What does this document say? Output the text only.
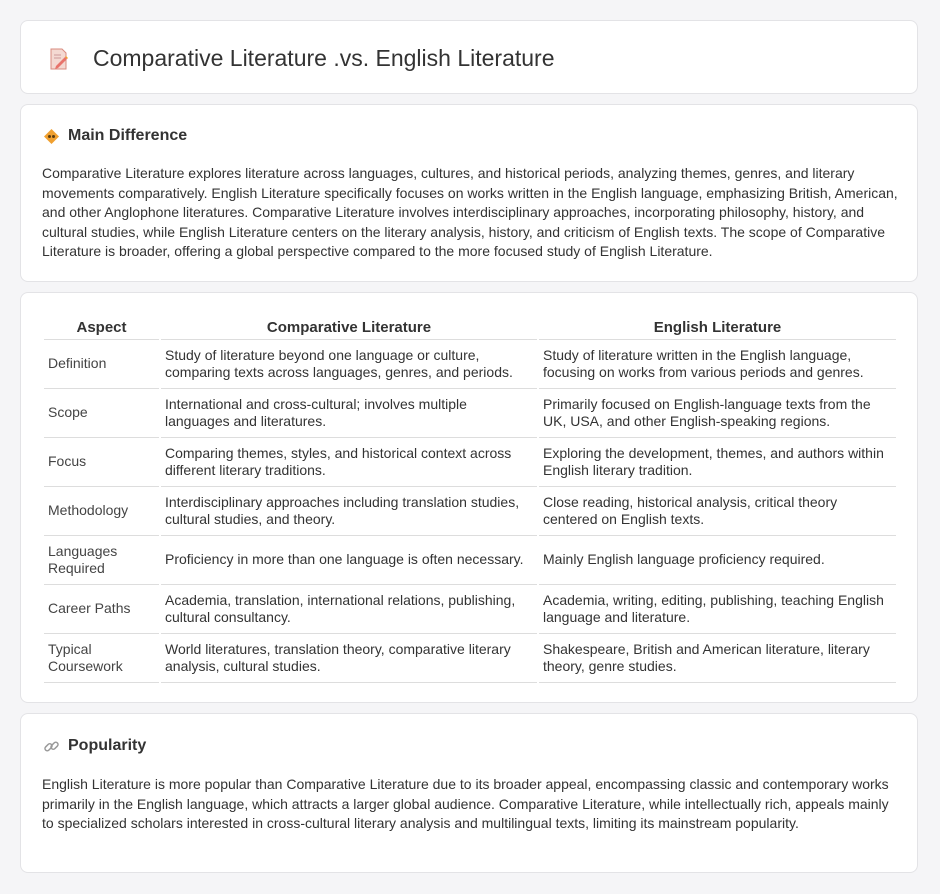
Comparative Literature .vs. English Literature
Main Difference

Comparative Literature explores literature across languages, cultures, and historical periods, analyzing themes, genres, and literary movements comparatively. English Literature specifically focuses on works written in the English language, emphasizing British, American, and other Anglophone literatures. Comparative Literature involves interdisciplinary approaches, incorporating philosophy, history, and cultural studies, while English Literature centers on the literary analysis, history, and criticism of English texts. The scope of Comparative Literature is broader, offering a global perspective compared to the more focused study of English Literature.

Aspect	Comparative Literature	English Literature
Definition	Study of literature beyond one language or culture, comparing texts across languages, genres, and periods.	Study of literature written in the English language, focusing on works from various periods and genres.
Scope	International and cross-cultural; involves multiple languages and literatures.	Primarily focused on English-language texts from the UK, USA, and other English-speaking regions.
Focus	Comparing themes, styles, and historical context across different literary traditions.	Exploring the development, themes, and authors within English literary tradition.
Methodology	Interdisciplinary approaches including translation studies, cultural studies, and theory.	Close reading, historical analysis, critical theory centered on English texts.
Languages Required	Proficiency in more than one language is often necessary.	Mainly English language proficiency required.
Career Paths	Academia, translation, international relations, publishing, cultural consultancy.	Academia, writing, editing, publishing, teaching English language and literature.
Typical Coursework	World literatures, translation theory, comparative literary analysis, cultural studies.	Shakespeare, British and American literature, literary theory, genre studies.
Popularity

English Literature is more popular than Comparative Literature due to its broader appeal, encompassing classic and contemporary works primarily in the English language, which attracts a larger global audience. Comparative Literature, while intellectually rich, appeals mainly to specialized scholars interested in cross-cultural literary analysis and multilingual texts, limiting its mainstream popularity.
